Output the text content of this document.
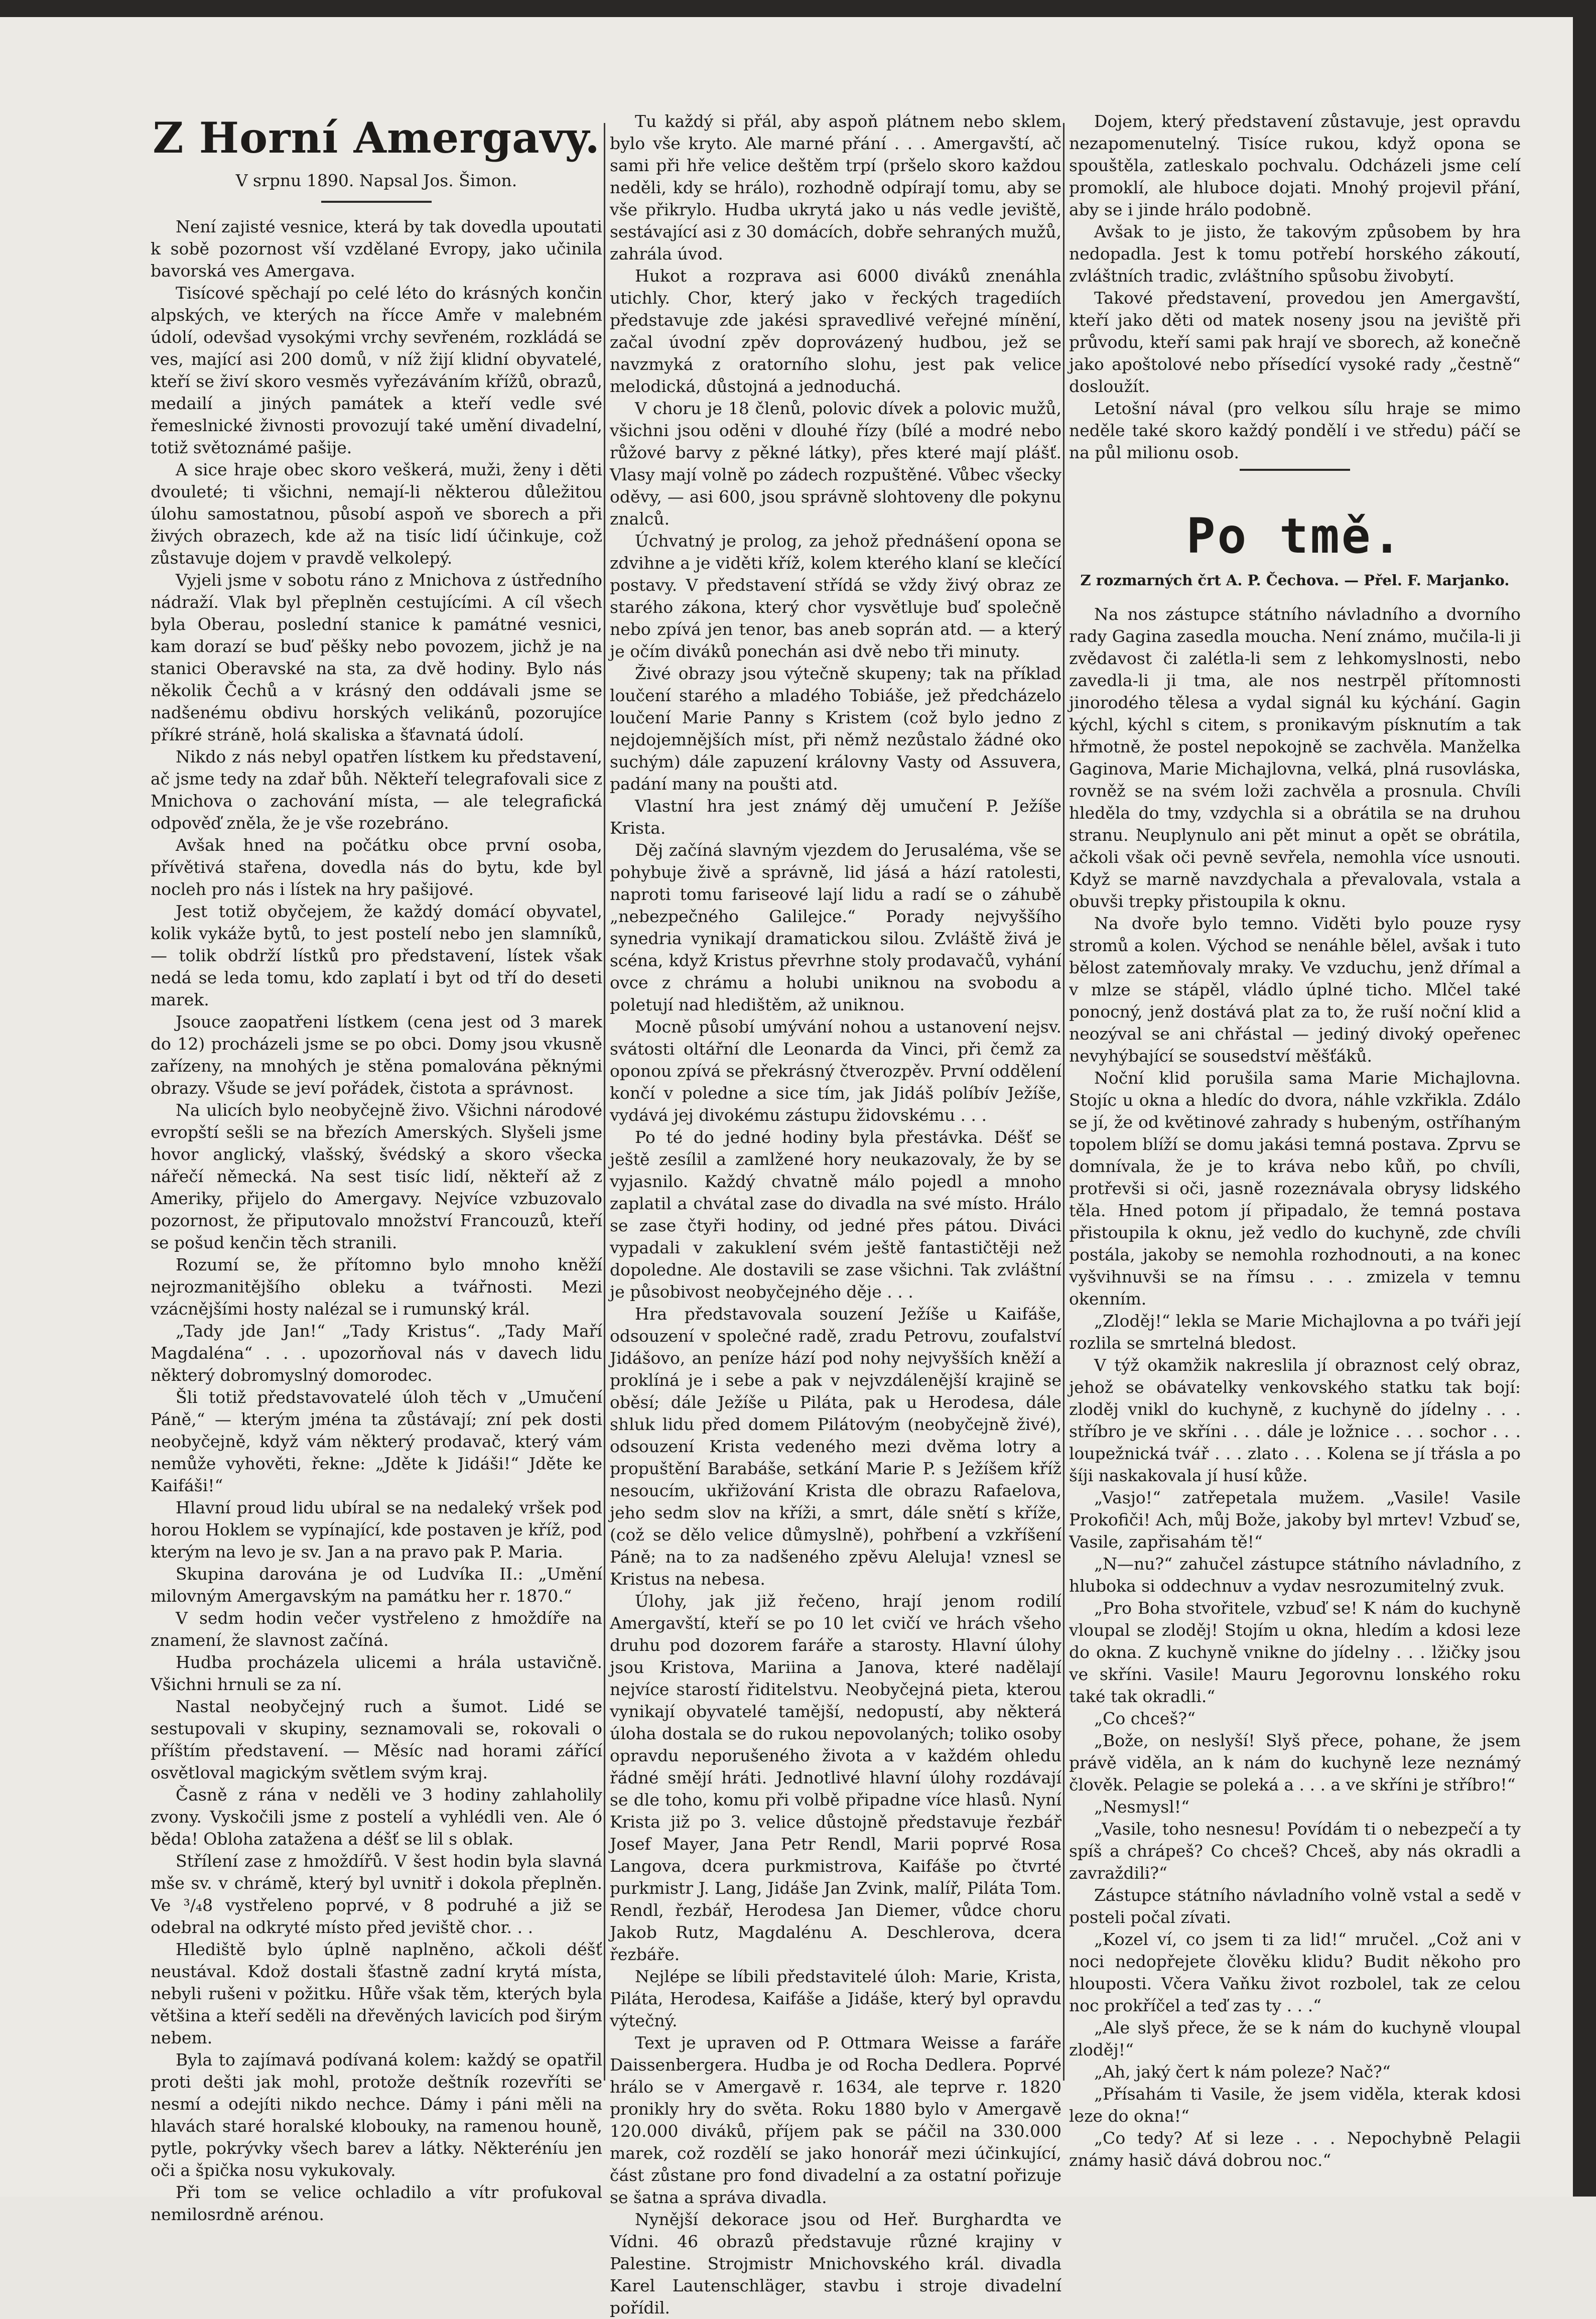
Z Horní Amergavy.
V srpnu 1890. Napsal Jos. Šimon.

Není zajisté vesnice, která by tak dovedla upoutati k sobě pozornost vší vzdělané Evropy, jako učinila bavorská ves Amergava.

Tisícové spěchají po celé léto do krásných končin alpských, ve kterých na řícce Amře v malebném údolí, odevšad vysokými vrchy sevřeném, rozkládá se ves, mající asi 200 domů, v níž žijí klidní obyvatelé, kteří se živí skoro vesměs vyřezáváním křížů, obrazů, medailí a jiných památek a kteří vedle své řemeslnické živnosti provozují také umění divadelní, totiž světoznámé pašije.

A sice hraje obec skoro veškerá, muži, ženy i děti dvouleté; ti všichni, nemají-li některou důležitou úlohu samostatnou, působí aspoň ve sborech a při živých obrazech, kde až na tisíc lidí účinkuje, což zůstavuje dojem v pravdě velkolepý.

Vyjeli jsme v sobotu ráno z Mnichova z ústředního nádraží. Vlak byl přeplněn cestujícími. A cíl všech byla Oberau, poslední stanice k památné vesnici, kam dorazí se buď pěšky nebo povozem, jichž je na stanici Oberavské na sta, za dvě hodiny. Bylo nás několik Čechů a v krásný den oddávali jsme se nadšenému obdivu horských velikánů, pozorujíce příkré stráně, holá skaliska a šťavnatá údolí.

Nikdo z nás nebyl opatřen lístkem ku představení, ač jsme tedy na zdař bůh. Někteří telegrafovali sice z Mnichova o zachování místa, — ale telegrafická odpověď zněla, že je vše rozebráno.

Avšak hned na počátku obce první osoba, přívětivá stařena, dovedla nás do bytu, kde byl nocleh pro nás i lístek na hry pašijové.

Jest totiž obyčejem, že každý domácí obyvatel, kolik vykáže bytů, to jest postelí nebo jen slamníků, — tolik obdrží lístků pro představení, lístek však nedá se leda tomu, kdo zaplatí i byt od tří do deseti marek.

Jsouce zaopatřeni lístkem (cena jest od 3 marek do 12) procházeli jsme se po obci. Domy jsou vkusně zařízeny, na mnohých je stěna pomalována pěknými obrazy. Všude se jeví pořádek, čistota a správnost.

Na ulicích bylo neobyčejně živo. Všichni národové evropští sešli se na březích Amerských. Slyšeli jsme hovor anglický, vlašský, švédský a skoro všecka nářečí německá. Na sest tisíc lidí, někteří až z Ameriky, přijelo do Amergavy. Nejvíce vzbuzovalo pozornost, že připutovalo množství Francouzů, kteří se pošud kenčin těch stranili.

Rozumí se, že přítomno bylo mnoho kněží nejrozmanitějšího obleku a tvářnosti. Mezi vzácnějšími hosty nalézal se i rumunský král.

„Tady jde Jan!“ „Tady Kristus“. „Tady Maří Magdaléna“ . . . upozorňoval nás v davech lidu některý dobromyslný domorodec.

Šli totiž představovatelé úloh těch v „Umučení Páně,“ — kterým jména ta zůstávají; zní pek dosti neobyčejně, když vám některý prodavač, který vám nemůže vyhověti, řekne: „Jděte k Jidáši!“ Jděte ke Kaifáši!“

Hlavní proud lidu ubíral se na nedaleký vršek pod horou Hoklem se vypínající, kde postaven je kříž, pod kterým na levo je sv. Jan a na pravo pak P. Maria.

Skupina darována je od Ludvíka II.: „Umění milovným Amergavským na památku her r. 1870.“

V sedm hodin večer vystřeleno z hmoždíře na znamení, že slavnost začíná.

Hudba procházela ulicemi a hrála ustavičně. Všichni hrnuli se za ní.

Nastal neobyčejný ruch a šumot. Lidé se sestupovali v skupiny, seznamovali se, rokovali o příštím představení. — Měsíc nad horami zářící osvětloval magickým světlem svým kraj.

Časně z rána v neděli ve 3 hodiny zahlaholily zvony. Vyskočili jsme z postelí a vyhlédli ven. Ale ó běda! Obloha zatažena a déšť se lil s oblak.

Střílení zase z hmoždířů. V šest hodin byla slavná mše sv. v chrámě, který byl uvnitř i dokola přeplněn. Ve ³/₄8 vystřeleno poprvé, v 8 podruhé a již se odebral na odkryté místo před jeviště chor. . .

Hlediště bylo úplně naplněno, ačkoli déšť neustával. Kdož dostali šťastně zadní krytá místa, nebyli rušeni v požitku. Hůře však těm, kterých byla většina a kteří seděli na dřevěných lavicích pod širým nebem.

Byla to zajímavá podívaná kolem: každý se opatřil proti dešti jak mohl, protože deštník rozevříti se nesmí a odejíti nikdo nechce. Dámy i páni měli na hlavách staré horalské klobouky, na ramenou houně, pytle, pokrývky všech barev a látky. Některéníu jen oči a špička nosu vykukovaly.

Při tom se velice ochladilo a vítr profukoval nemilosrdně arénou.

Tu každý si přál, aby aspoň plátnem nebo sklem bylo vše kryto. Ale marné přání . . . Amergavští, ač sami při hře velice deštěm trpí (pršelo skoro každou neděli, kdy se hrálo), rozhodně odpírají tomu, aby se vše přikrylo. Hudba ukrytá jako u nás vedle jeviště, sestávající asi z 30 domácích, dobře sehraných mužů, zahrála úvod.

Hukot a rozprava asi 6000 diváků znenáhla utichly. Chor, který jako v řeckých tragediích představuje zde jakési spravedlivé veřejné mínění, začal úvodní zpěv doprovázený hudbou, jež se navzmyká z oratorního slohu, jest pak velice melodická, důstojná a jednoduchá.

V choru je 18 členů, polovic dívek a polovic mužů, všichni jsou oděni v dlouhé řízy (bílé a modré nebo růžové barvy z pěkné látky), přes které mají plášť. Vlasy mají volně po zádech rozpuštěné. Vůbec všecky oděvy, — asi 600, jsou správně slohtoveny dle pokynu znalců.

Úchvatný je prolog, za jehož přednášení opona se zdvihne a je viděti kříž, kolem kterého klaní se klečící postavy. V představení střídá se vždy živý obraz ze starého zákona, který chor vysvětluje buď společně nebo zpívá jen tenor, bas aneb soprán atd. — a který je očím diváků ponechán asi dvě nebo tři minuty.

Živé obrazy jsou výtečně skupeny; tak na příklad loučení starého a mladého Tobiáše, jež předcházelo loučení Marie Panny s Kristem (což bylo jedno z nejdojemnějších míst, při němž nezůstalo žádné oko suchým) dále zapuzení královny Vasty od Assuvera, padání many na poušti atd.

Vlastní hra jest známý děj umučení P. Ježíše Krista.

Děj začíná slavným vjezdem do Jerusaléma, vše se pohybuje živě a správně, lid jásá a hází ratolesti, naproti tomu fariseové lají lidu a radí se o záhubě „nebezpečného Galilejce.“ Porady nejvyššího synedria vynikají dramatickou silou. Zvláště živá je scéna, když Kristus převrhne stoly prodavačů, vyhání ovce z chrámu a holubi uniknou na svobodu a poletují nad hledištěm, až uniknou.

Mocně působí umývání nohou a ustanovení nejsv. svátosti oltářní dle Leonarda da Vinci, při čemž za oponou zpívá se překrásný čtverozpěv. První oddělení končí v poledne a sice tím, jak Jidáš políbív Ježíše, vydává jej divokému zástupu židovskému . . .

Po té do jedné hodiny byla přestávka. Déšť se ještě zesílil a zamlžené hory neukazovaly, že by se vyjasnilo. Každý chvatně málo pojedl a mnoho zaplatil a chvátal zase do divadla na své místo. Hrálo se zase čtyři hodiny, od jedné přes pátou. Diváci vypadali v zakuklení svém ještě fantastičtěji než dopoledne. Ale dostavili se zase všichni. Tak zvláštní je působivost neobyčejného děje . . .

Hra představovala souzení Ježíše u Kaifáše, odsouzení v společné radě, zradu Petrovu, zoufalství Jidášovo, an peníze hází pod nohy nejvyšších kněží a proklíná je i sebe a pak v nejvzdálenější krajině se oběsí; dále Ježíše u Piláta, pak u Herodesa, dále shluk lidu před domem Pilátovým (neobyčejně živé), odsouzení Krista vedeného mezi dvěma lotry a propuštění Barabáše, setkání Marie P. s Ježíšem kříž nesoucím, ukřižování Krista dle obrazu Rafaelova, jeho sedm slov na kříži, a smrt, dále snětí s kříže, (což se dělo velice důmyslně), pohřbení a vzkříšení Páně; na to za nadšeného zpěvu Aleluja! vznesl se Kristus na nebesa.

Úlohy, jak již řečeno, hrají jenom rodilí Amergavští, kteří se po 10 let cvičí ve hrách všeho druhu pod dozorem faráře a starosty. Hlavní úlohy jsou Kristova, Mariina a Janova, které nadělají nejvíce starostí řiditelstvu. Neobyčejná pieta, kterou vynikají obyvatelé tamější, nedopustí, aby některá úloha dostala se do rukou nepovolaných; toliko osoby opravdu neporušeného života a v každém ohledu řádné smějí hráti. Jednotlivé hlavní úlohy rozdávají se dle toho, komu při volbě připadne více hlasů. Nyní Krista již po 3. velice důstojně představuje řezbář Josef Mayer, Jana Petr Rendl, Marii poprvé Rosa Langova, dcera purkmistrova, Kaifáše po čtvrté purkmistr J. Lang, Jidáše Jan Zvink, malíř, Piláta Tom. Rendl, řezbář, Herodesa Jan Diemer, vůdce choru Jakob Rutz, Magdalénu A. Deschlerova, dcera řezbáře.

Nejlépe se líbili představitelé úloh: Marie, Krista, Piláta, Herodesa, Kaifáše a Jidáše, který byl opravdu výtečný.

Text je upraven od P. Ottmara Weisse a faráře Daissenbergera. Hudba je od Rocha Dedlera. Poprvé hrálo se v Amergavě r. 1634, ale teprve r. 1820 pronikly hry do světa. Roku 1880 bylo v Amergavě 120.000 diváků, příjem pak se páčil na 330.000 marek, což rozdělí se jako honorář mezi účinkující, část zůstane pro fond divadelní a za ostatní pořizuje se šatna a správa divadla.

Nynější dekorace jsou od Heř. Burghardta ve Vídni. 46 obrazů představuje různé krajiny v Palestine. Strojmistr Mnichovského král. divadla Karel Lautenschläger, stavbu i stroje divadelní pořídil.

Dojem, který představení zůstavuje, jest opravdu nezapomenutelný. Tisíce rukou, když opona se spouštěla, zatleskalo pochvalu. Odcházeli jsme celí promoklí, ale hluboce dojati. Mnohý projevil přání, aby se i jinde hrálo podobně.

Avšak to je jisto, že takovým způsobem by hra nedopadla. Jest k tomu potřebí horského zákoutí, zvláštních tradic, zvláštního spůsobu živobytí.

Takové představení, provedou jen Amergavští, kteří jako děti od matek noseny jsou na jeviště při průvodu, kteří sami pak hrají ve sborech, až konečně jako apoštolové nebo přísedící vysoké rady „čestně“ dosloužít.

Letošní nával (pro velkou sílu hraje se mimo neděle také skoro každý pondělí i ve středu) páčí se na půl milionu osob.

Po tmě.
Z rozmarných črt A. P. Čechova. — Přel. F. Marjanko.

Na nos zástupce státního návladního a dvorního rady Gagina zasedla moucha. Není známo, mučila-li ji zvědavost či zalétla-li sem z lehkomyslnosti, nebo zavedla-li ji tma, ale nos nestrpěl přítomnosti jinorodého tělesa a vydal signál ku kýchání. Gagin kýchl, kýchl s citem, s pronikavým písknutím a tak hřmotně, že postel nepokojně se zachvěla. Manželka Gaginova, Marie Michajlovna, velká, plná rusovláska, rovněž se na svém loži zachvěla a prosnula. Chvíli hleděla do tmy, vzdychla si a obrátila se na druhou stranu. Neuplynulo ani pět minut a opět se obrátila, ačkoli však oči pevně sevřela, nemohla více usnouti. Když se marně navzdychala a převalovala, vstala a obuvši trepky přistoupila k oknu.

Na dvoře bylo temno. Viděti bylo pouze rysy stromů a kolen. Východ se nenáhle bělel, avšak i tuto bělost zatemňovaly mraky. Ve vzduchu, jenž dřímal a v mlze se stápěl, vládlo úplné ticho. Mlčel také ponocný, jenž dostává plat za to, že ruší noční klid a neozýval se ani chřástal — jediný divoký opeřenec nevyhýbající se sousedství měšťáků.

Noční klid porušila sama Marie Michajlovna. Stojíc u okna a hledíc do dvora, náhle vzkřikla. Zdálo se jí, že od květinové zahrady s hubeným, ostříhaným topolem blíží se domu jakási temná postava. Zprvu se domnívala, že je to kráva nebo kůň, po chvíli, protřevši si oči, jasně rozeznávala obrysy lidského těla. Hned potom jí připadalo, že temná postava přistoupila k oknu, jež vedlo do kuchyně, zde chvíli postála, jakoby se nemohla rozhodnouti, a na konec vyšvihnuvši se na římsu . . . zmizela v temnu okenním.

„Zloděj!“ lekla se Marie Michajlovna a po tváři její rozlila se smrtelná bledost.

V týž okamžik nakreslila jí obraznost celý obraz, jehož se obávatelky venkovského statku tak bojí: zloděj vnikl do kuchyně, z kuchyně do jídelny . . . stříbro je ve skříni . . . dále je ložnice . . . sochor . . . loupežnická tvář . . . zlato . . . Kolena se jí třásla a po šíji naskakovala jí husí kůže.

„Vasjo!“ zatřepetala mužem. „Vasile! Vasile Prokofiči! Ach, můj Bože, jakoby byl mrtev! Vzbuď se, Vasile, zapřisahám tě!“

„N—nu?“ zahučel zástupce státního návladního, z hluboka si oddechnuv a vydav nesrozumitelný zvuk.

„Pro Boha stvořitele, vzbuď se! K nám do kuchyně vloupal se zloděj! Stojím u okna, hledím a kdosi leze do okna. Z kuchyně vnikne do jídelny . . . lžičky jsou ve skříni. Vasile! Mauru Jegorovnu lonského roku také tak okradli.“

„Co chceš?“

„Bože, on neslyší! Slyš přece, pohane, že jsem právě viděla, an k nám do kuchyně leze neznámý člověk. Pelagie se poleká a . . . a ve skříni je stříbro!“

„Nesmysl!“

„Vasile, toho nesnesu! Povídám ti o nebezpečí a ty spíš a chrápeš? Co chceš? Chceš, aby nás okradli a zavraždili?“

Zástupce státního návladního volně vstal a sedě v posteli počal zívati.

„Kozel ví, co jsem ti za lid!“ mručel. „Což ani v noci nedopřejete člověku klidu? Budit někoho pro hlouposti. Včera Vaňku život rozbolel, tak ze celou noc prokříčel a teď zas ty . . .“

„Ale slyš přece, že se k nám do kuchyně vloupal zloděj!“

„Ah, jaký čert k nám poleze? Nač?“

„Přísahám ti Vasile, že jsem viděla, kterak kdosi leze do okna!“

„Co tedy? Ať si leze . . . Nepochybně Pelagii známy hasič dává dobrou noc.“
